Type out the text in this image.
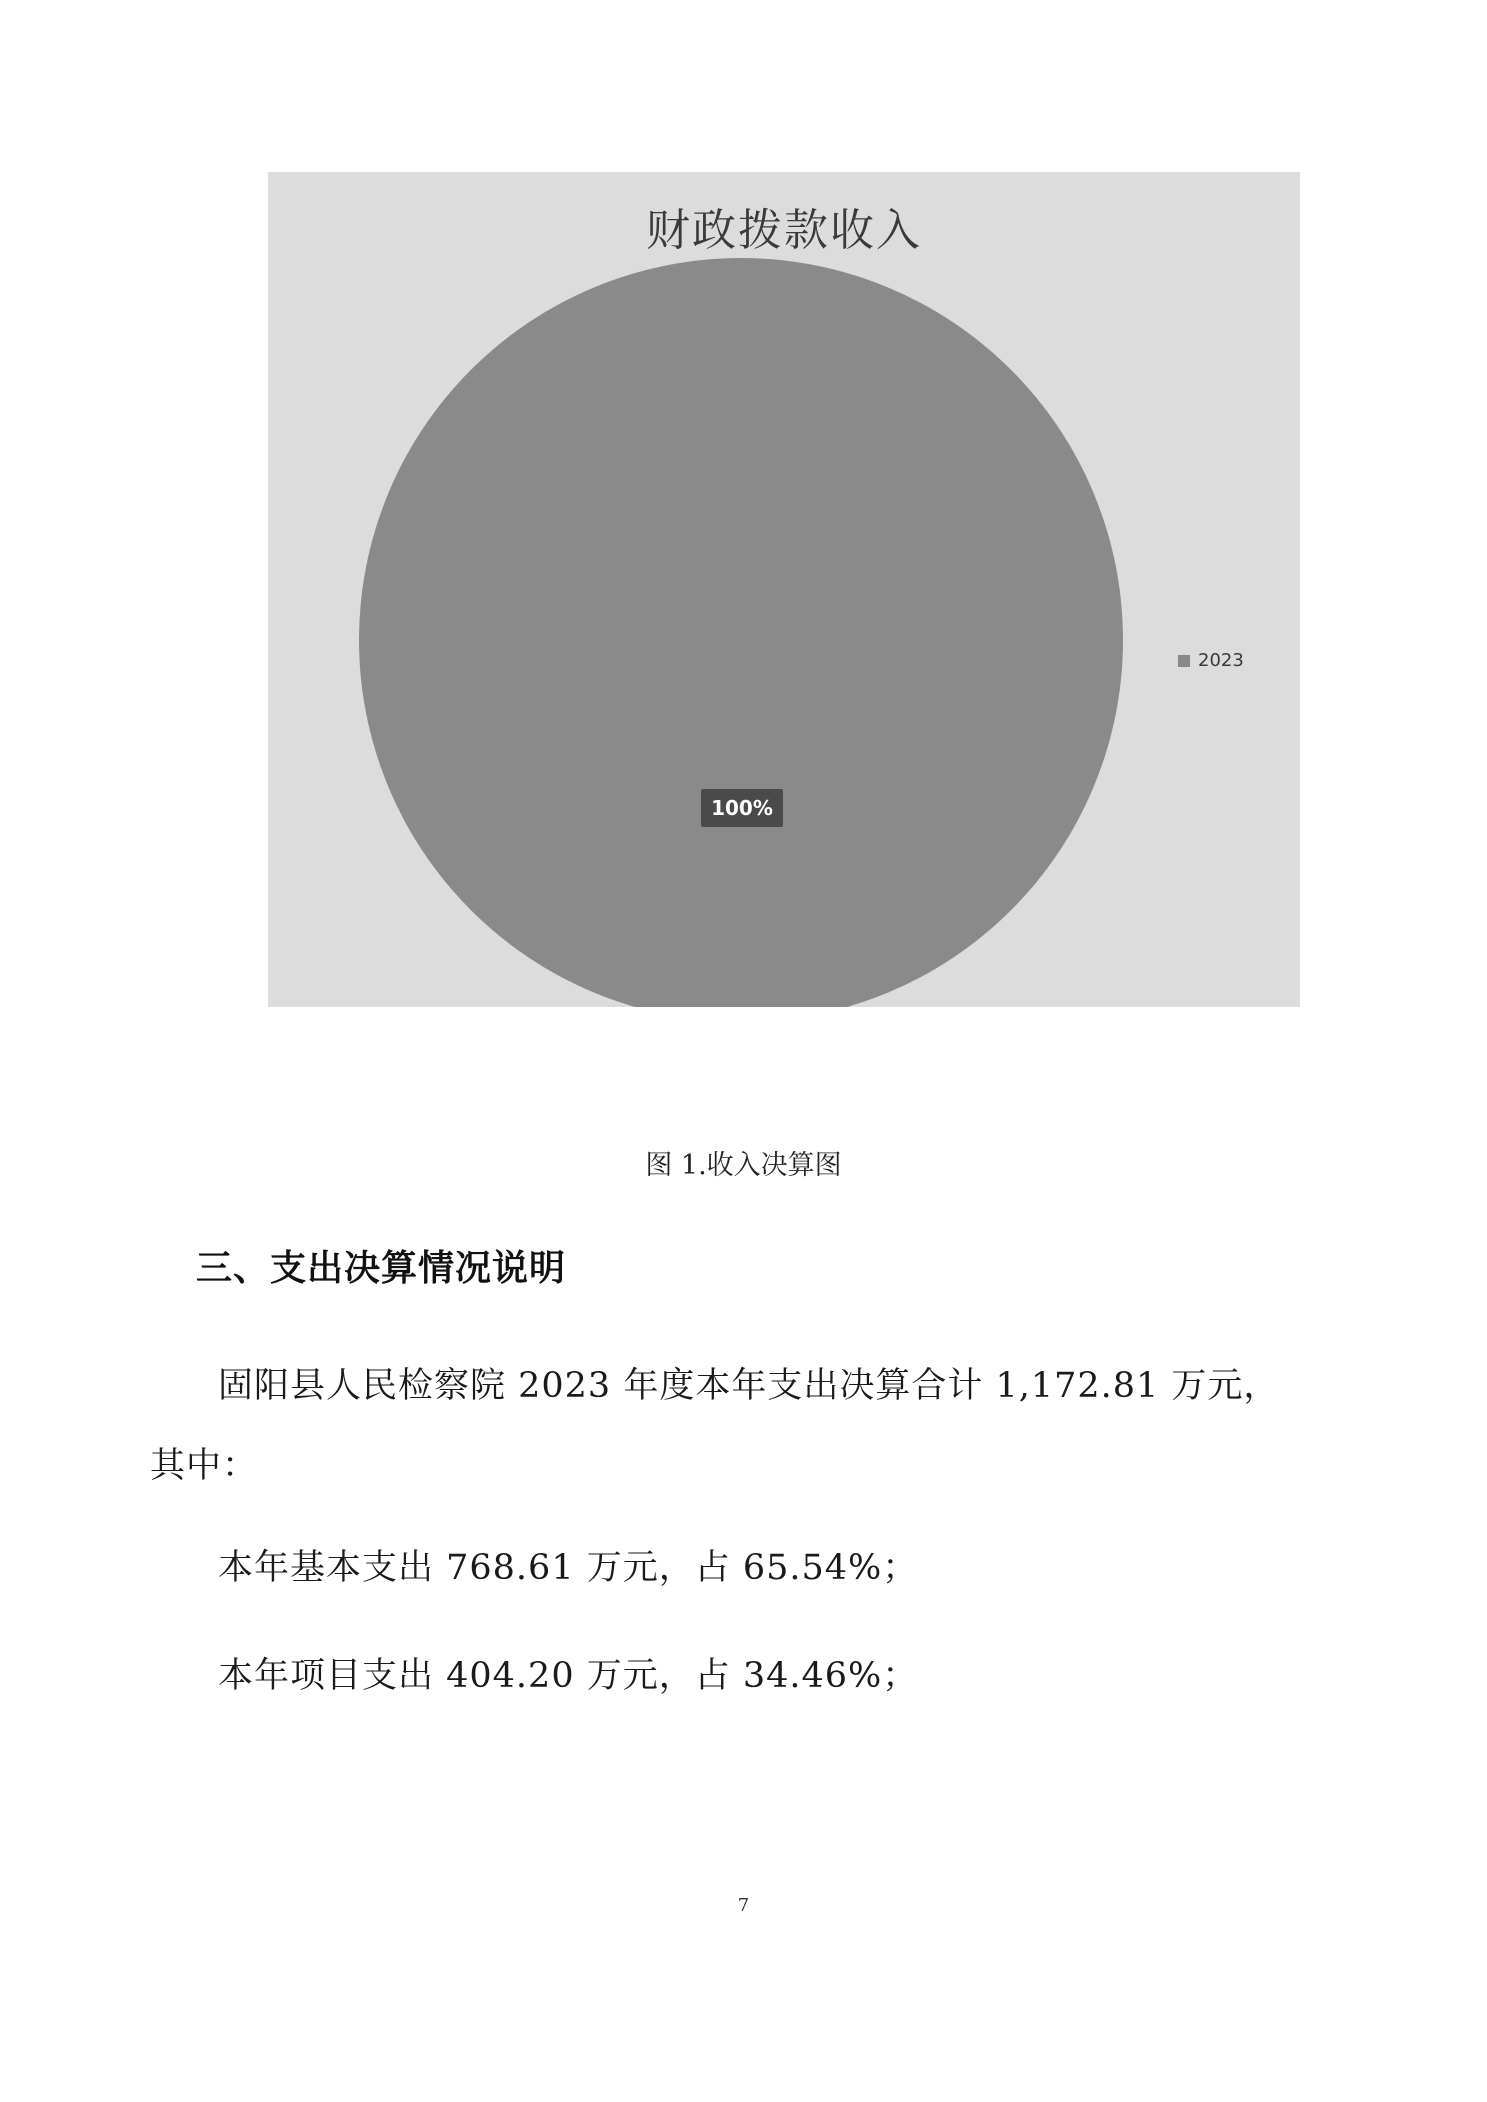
财政拨款收入
100%
2023
图 1.收入决算图
三、支出决算情况说明
固阳县人民检察院 2023 年度本年支出决算合计 1,172.81 万元，
其中：
本年基本支出 768.61 万元，占 65.54%；
本年项目支出 404.20 万元，占 34.46%；
7
